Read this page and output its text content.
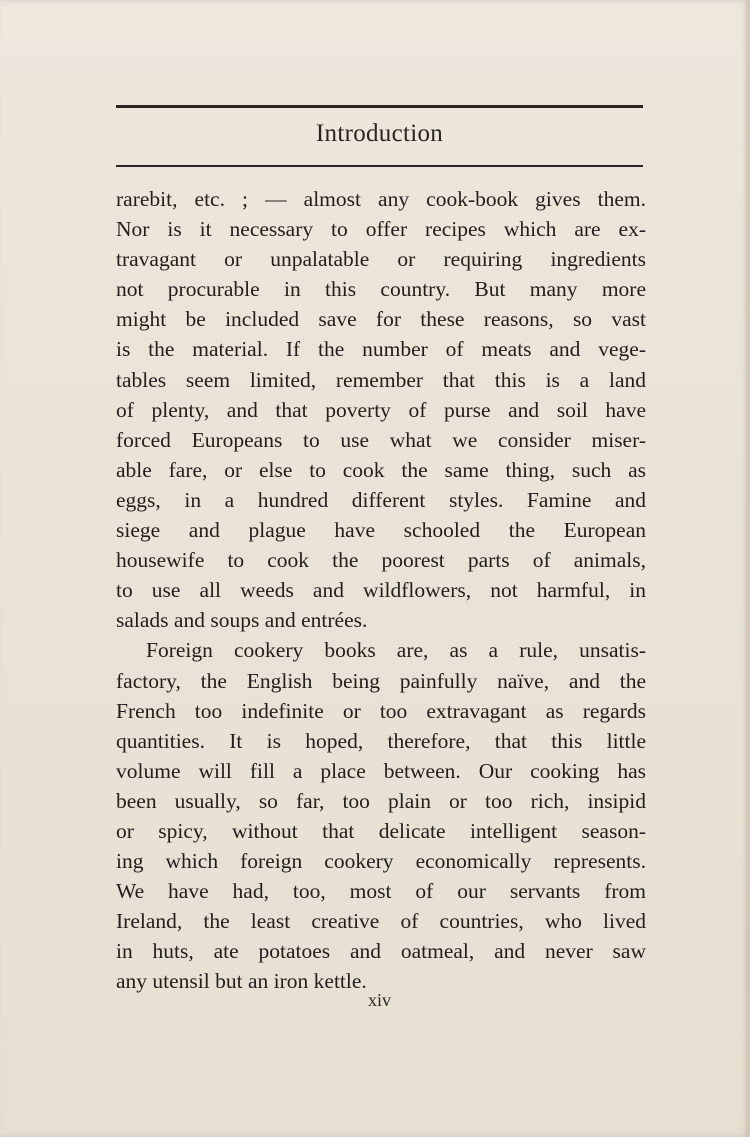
Introduction
rarebit, etc. ; — almost any cook-book gives them.
Nor is it necessary to offer recipes which are ex-
travagant or unpalatable or requiring ingredients
not procurable in this country. But many more
might be included save for these reasons, so vast
is the material. If the number of meats and vege-
tables seem limited, remember that this is a land
of plenty, and that poverty of purse and soil have
forced Europeans to use what we consider miser-
able fare, or else to cook the same thing, such as
eggs, in a hundred different styles. Famine and
siege and plague have schooled the European
housewife to cook the poorest parts of animals,
to use all weeds and wildflowers, not harmful, in
salads and soups and entrées.
Foreign cookery books are, as a rule, unsatis-
factory, the English being painfully naïve, and the
French too indefinite or too extravagant as regards
quantities. It is hoped, therefore, that this little
volume will fill a place between. Our cooking has
been usually, so far, too plain or too rich, insipid
or spicy, without that delicate intelligent season-
ing which foreign cookery economically represents.
We have had, too, most of our servants from
Ireland, the least creative of countries, who lived
in huts, ate potatoes and oatmeal, and never saw
any utensil but an iron kettle.

xiv
